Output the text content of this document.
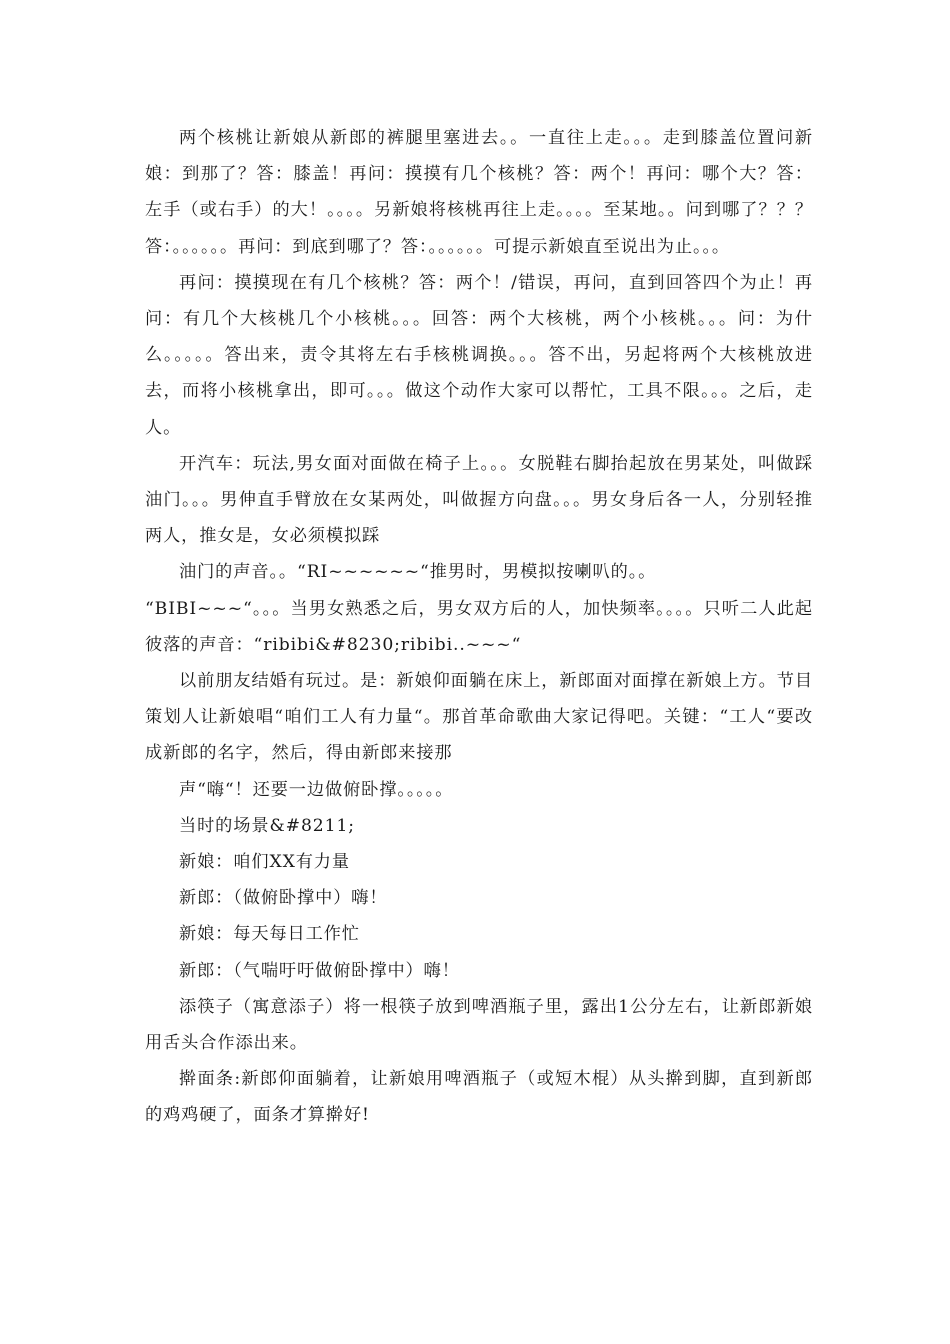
两个核桃让新娘从新郎的裤腿里塞进去。。一直往上走。。。走到膝盖位置问新娘：到那了？答：膝盖！再问：摸摸有几个核桃？答：两个！再问：哪个大？答：左手（或右手）的大！。。。。另新娘将核桃再往上走。。。。至某地。。问到哪了？？？答：。。。。。。再问：到底到哪了？答：。。。。。。可提示新娘直至说出为止。。。

再问：摸摸现在有几个核桃？答：两个！/错误，再问，直到回答四个为止！再问：有几个大核桃几个小核桃。。。回答：两个大核桃，两个小核桃。。。问：为什么。。。。。答出来，责令其将左右手核桃调换。。。答不出，另起将两个大核桃放进去，而将小核桃拿出，即可。。。做这个动作大家可以帮忙，工具不限。。。之后，走人。

开汽车：玩法,男女面对面做在椅子上。。。女脱鞋右脚抬起放在男某处，叫做踩油门。。。男伸直手臂放在女某两处，叫做握方向盘。。。男女身后各一人，分别轻推两人，推女是，女必须模拟踩

油门的声音。。“RI~~~~~~“推男时，男模拟按喇叭的。。

“BIBI~~~“。。。当男女熟悉之后，男女双方后的人，加快频率。。。。只听二人此起彼落的声音：“ribibi&#8230;ribibi..~~~“

以前朋友结婚有玩过。是：新娘仰面躺在床上，新郎面对面撑在新娘上方。节目策划人让新娘唱“咱们工人有力量“。那首革命歌曲大家记得吧。关键：“工人“要改成新郎的名字，然后，得由新郎来接那

声“嗨“！还要一边做俯卧撑。。。。。

当时的场景&#8211;

新娘：咱们XX有力量

新郎：（做俯卧撑中）嗨！

新娘：每天每日工作忙

新郎：（气喘吁吁做俯卧撑中）嗨！

添筷子（寓意添子）将一根筷子放到啤酒瓶子里，露出1公分左右，让新郎新娘用舌头合作添出来。

擀面条:新郎仰面躺着，让新娘用啤酒瓶子（或短木棍）从头擀到脚，直到新郎的鸡鸡硬了，面条才算擀好!
